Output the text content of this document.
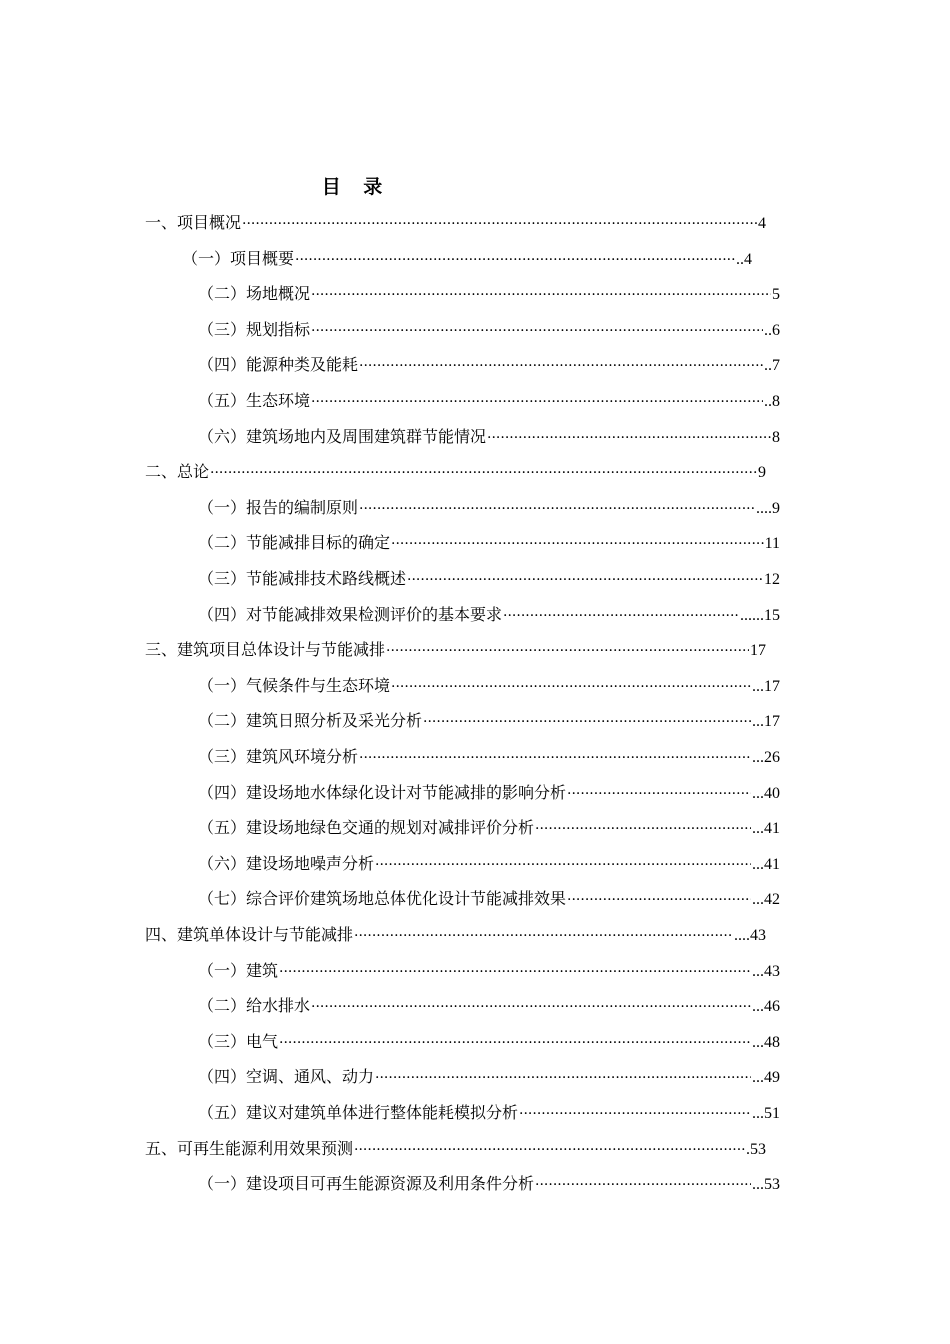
目 录
一、项目概况 ·····	4
（一）项目概要 ·····	..4
（二）场地概况 ·····	5
（三）规划指标 ·····	..6
（四）能源种类及能耗 ·····	..7
（五）生态环境 ·····	..8
（六）建筑场地内及周围建筑群节能情况 ·····	8
二、总论 ·····	9
（一）报告的编制原则 ·····	....9
（二）节能减排目标的确定 ·····	11
（三）节能减排技术路线概述 ·····	12
（四）对节能减排效果检测评价的基本要求 ·····	......15
三、建筑项目总体设计与节能减排 ·····	17
（一）气候条件与生态环境 ·····	...17
（二）建筑日照分析及采光分析 ·····	...17
（三）建筑风环境分析 ·····	...26
（四）建设场地水体绿化设计对节能减排的影响分析 ·····	...40
（五）建设场地绿色交通的规划对减排评价分析 ·····	...41
（六）建设场地噪声分析 ·····	...41
（七）综合评价建筑场地总体优化设计节能减排效果 ·····	...42
四、建筑单体设计与节能减排 ·····	....43
（一）建筑 ·····	...43
（二）给水排水 ·····	...46
（三）电气 ·····	...48
（四）空调、通风、动力 ·····	...49
（五）建议对建筑单体进行整体能耗模拟分析 ·····	...51
五、可再生能源利用效果预测 ·····	.53
（一）建设项目可再生能源资源及利用条件分析 ·····	...53
